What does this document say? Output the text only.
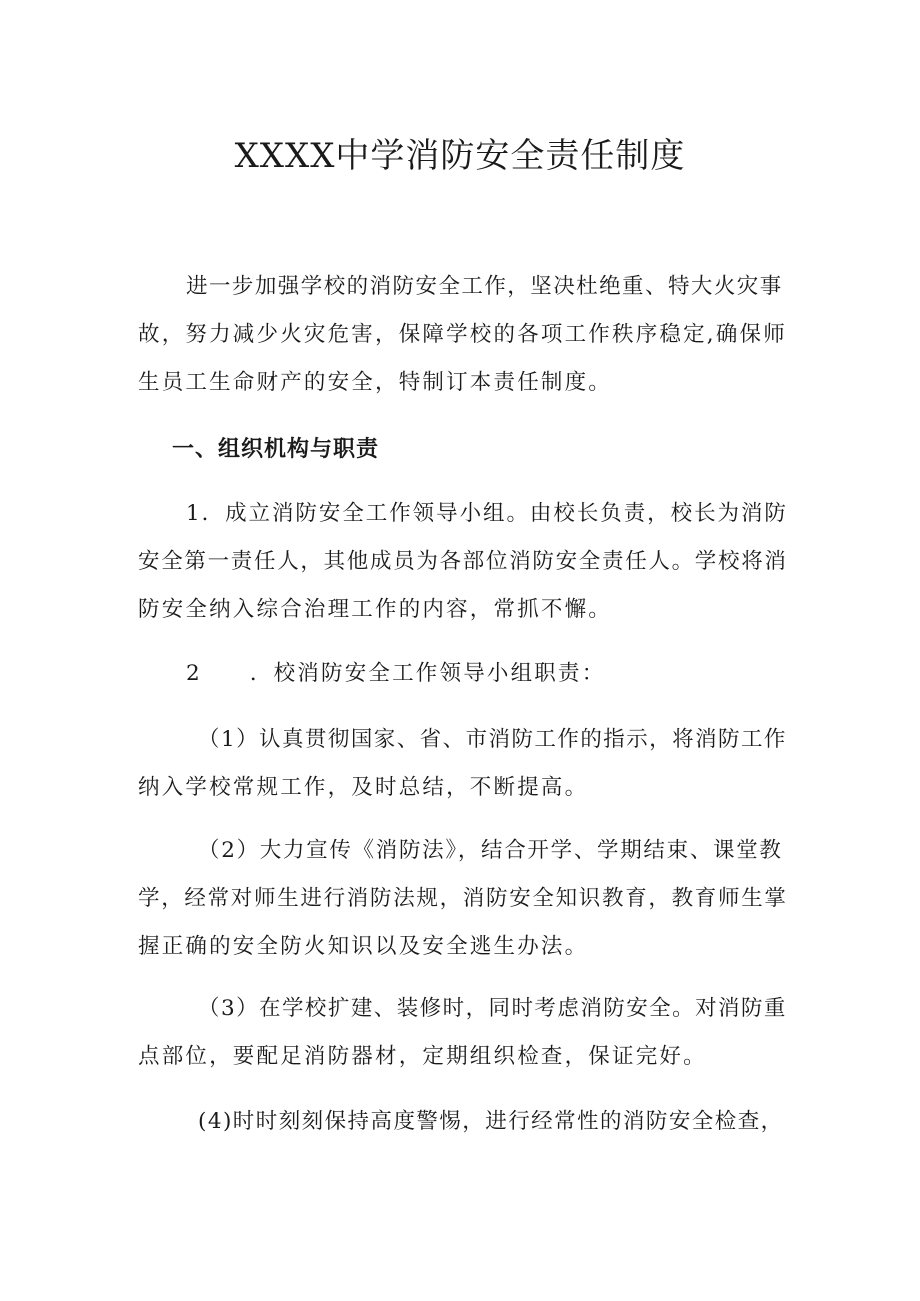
XXXX中学消防安全责任制度
进一步加强学校的消防安全工作，坚决杜绝重、特大火灾事
故，努力减少火灾危害，保障学校的各项工作秩序稳定,确保师
生员工生命财产的安全，特制订本责任制度。
一、组织机构与职责
1．成立消防安全工作领导小组。由校长负责，校长为消防
安全第一责任人，其他成员为各部位消防安全责任人。学校将消
防安全纳入综合治理工作的内容，常抓不懈。
2 ．校消防安全工作领导小组职责：
（1）认真贯彻国家、省、市消防工作的指示，将消防工作
纳入学校常规工作，及时总结，不断提高。
（2）大力宣传《消防法》，结合开学、学期结束、课堂教
学，经常对师生进行消防法规，消防安全知识教育，教育师生掌
握正确的安全防火知识以及安全逃生办法。
（3）在学校扩建、装修时，同时考虑消防安全。对消防重
点部位，要配足消防器材，定期组织检查，保证完好。
(4)时时刻刻保持高度警惕，进行经常性的消防安全检查，
